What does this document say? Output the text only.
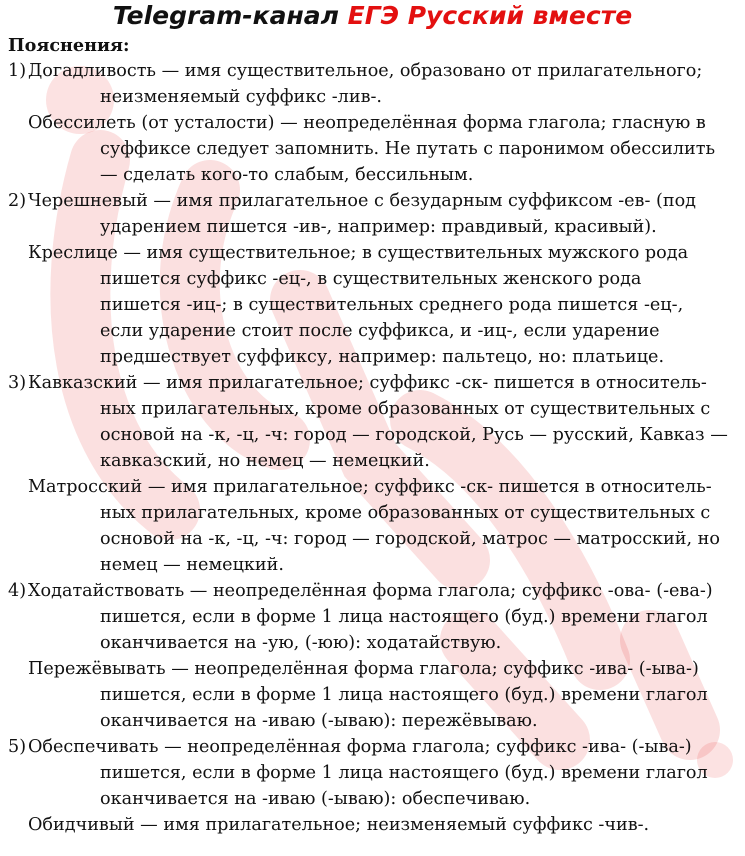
Telegram-канал ЕГЭ Русский вместе
Пояснения:
1) Догадливость — имя существительное, образовано от прилагательного;
неизменяемый суффикс -лив-.
Обессилеть (от усталости) — неопределённая форма глагола; гласную в
суффиксе следует запомнить. Не путать с паронимом обессилить
— сделать кого-то слабым, бессильным.
2) Черешневый — имя прилагательное с безударным суффиксом -ев- (под
ударением пишется -ив-, например: правдивый, красивый).
Креслице — имя существительное; в существительных мужского рода
пишется суффикс -ец-, в существительных женского рода
пишется -иц-; в существительных среднего рода пишется -ец-,
если ударение стоит после суффикса, и -иц-, если ударение
предшествует суффиксу, например: пальтецо, но: платьице.
3) Кавказский — имя прилагательное; суффикс -ск- пишется в относитель-
ных прилагательных, кроме образованных от существительных с
основой на -к, -ц, -ч: город — городской, Русь — русский, Кавказ —
кавказский, но немец — немецкий.
Матросский — имя прилагательное; суффикс -ск- пишется в относитель-
ных прилагательных, кроме образованных от существительных с
основой на -к, -ц, -ч: город — городской, матрос — матросский, но
немец — немецкий.
4) Ходатайствовать — неопределённая форма глагола; суффикс -ова- (-ева-)
пишется, если в форме 1 лица настоящего (буд.) времени глагол
оканчивается на -ую, (-юю): ходатайствую.
Пережёвывать — неопределённая форма глагола; суффикс -ива- (-ыва-)
пишется, если в форме 1 лица настоящего (буд.) времени глагол
оканчивается на -иваю (-ываю): пережёвываю.
5) Обеспечивать — неопределённая форма глагола; суффикс -ива- (-ыва-)
пишется, если в форме 1 лица настоящего (буд.) времени глагол
оканчивается на -иваю (-ываю): обеспечиваю.
Обидчивый — имя прилагательное; неизменяемый суффикс -чив-.
